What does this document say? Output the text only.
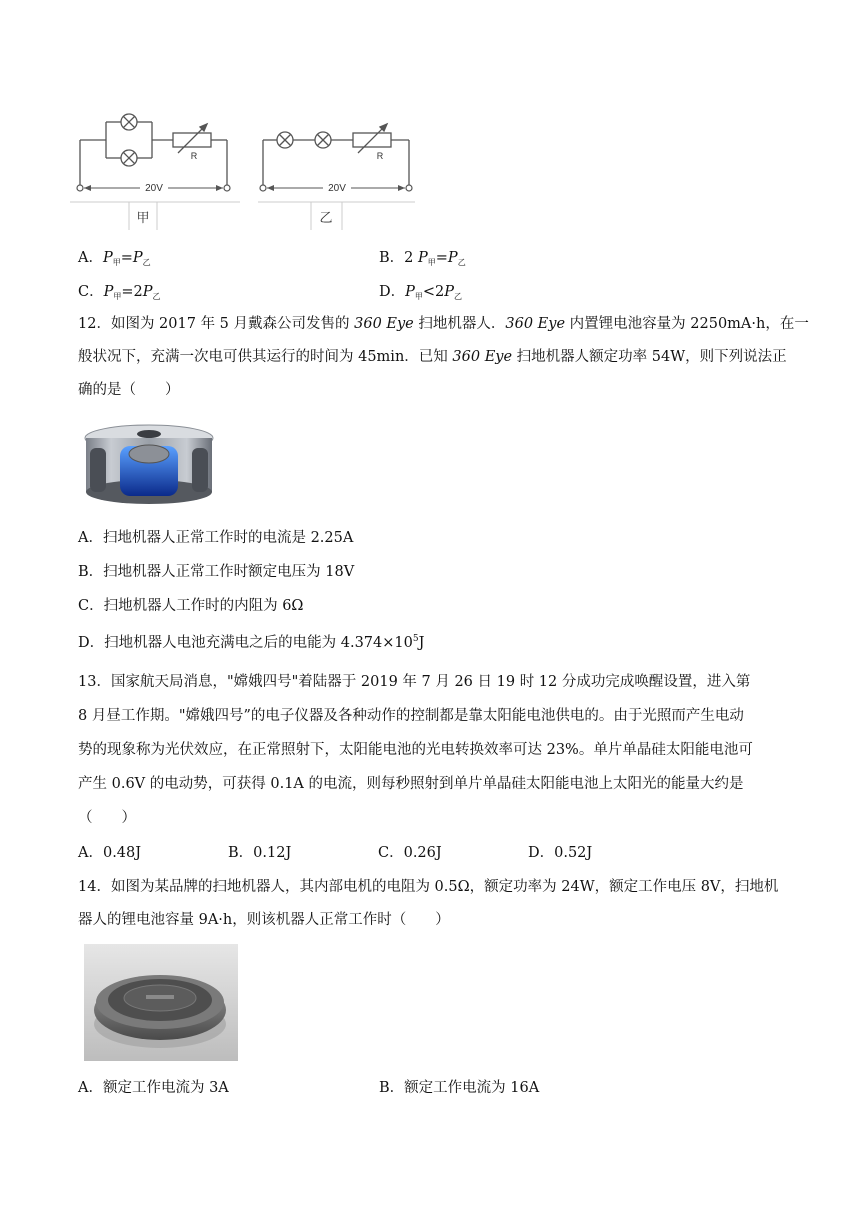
R
20V
甲
R
20V
乙
A．$P_甲=P_乙$	B．2 $P_甲=P_乙$
C．$P_甲=2P_乙$	D．$P_甲<2P_乙$
12．如图为 2017 年 5 月戴森公司发售的 360 Eye 扫地机器人．360 Eye 内置锂电池容量为 2250mA·h，在一
般状况下，充满一次电可供其运行的时间为 45min．已知 360 Eye 扫地机器人额定功率 54W，则下列说法正
确的是（　　）
A．扫地机器人正常工作时的电流是 2.25A
B．扫地机器人正常工作时额定电压为 18V
C．扫地机器人工作时的内阻为 6Ω
D．扫地机器人电池充满电之后的电能为 $4.374\times 10^5J$
13．国家航天局消息，"嫦娥四号"着陆器于 2019 年 7 月 26 日 19 时 12 分成功完成唤醒设置，进入第
8 月昼工作期。"嫦娥四号”的电子仪器及各种动作的控制都是靠太阳能电池供电的。由于光照而产生电动
势的现象称为光伏效应，在正常照射下，太阳能电池的光电转换效率可达 23%。单片单晶硅太阳能电池可
产生 0.6V 的电动势，可获得 0.1A 的电流，则每秒照射到单片单晶硅太阳能电池上太阳光的能量大约是
（　　）
A．0.48J	B．0.12J	C．0.26J	D．0.52J
14．如图为某品牌的扫地机器人，其内部电机的电阻为 0.5Ω，额定功率为 24W，额定工作电压 8V，扫地机
器人的锂电池容量 9A·h，则该机器人正常工作时（　　）
A．额定工作电流为 3A	B．额定工作电流为 16A
